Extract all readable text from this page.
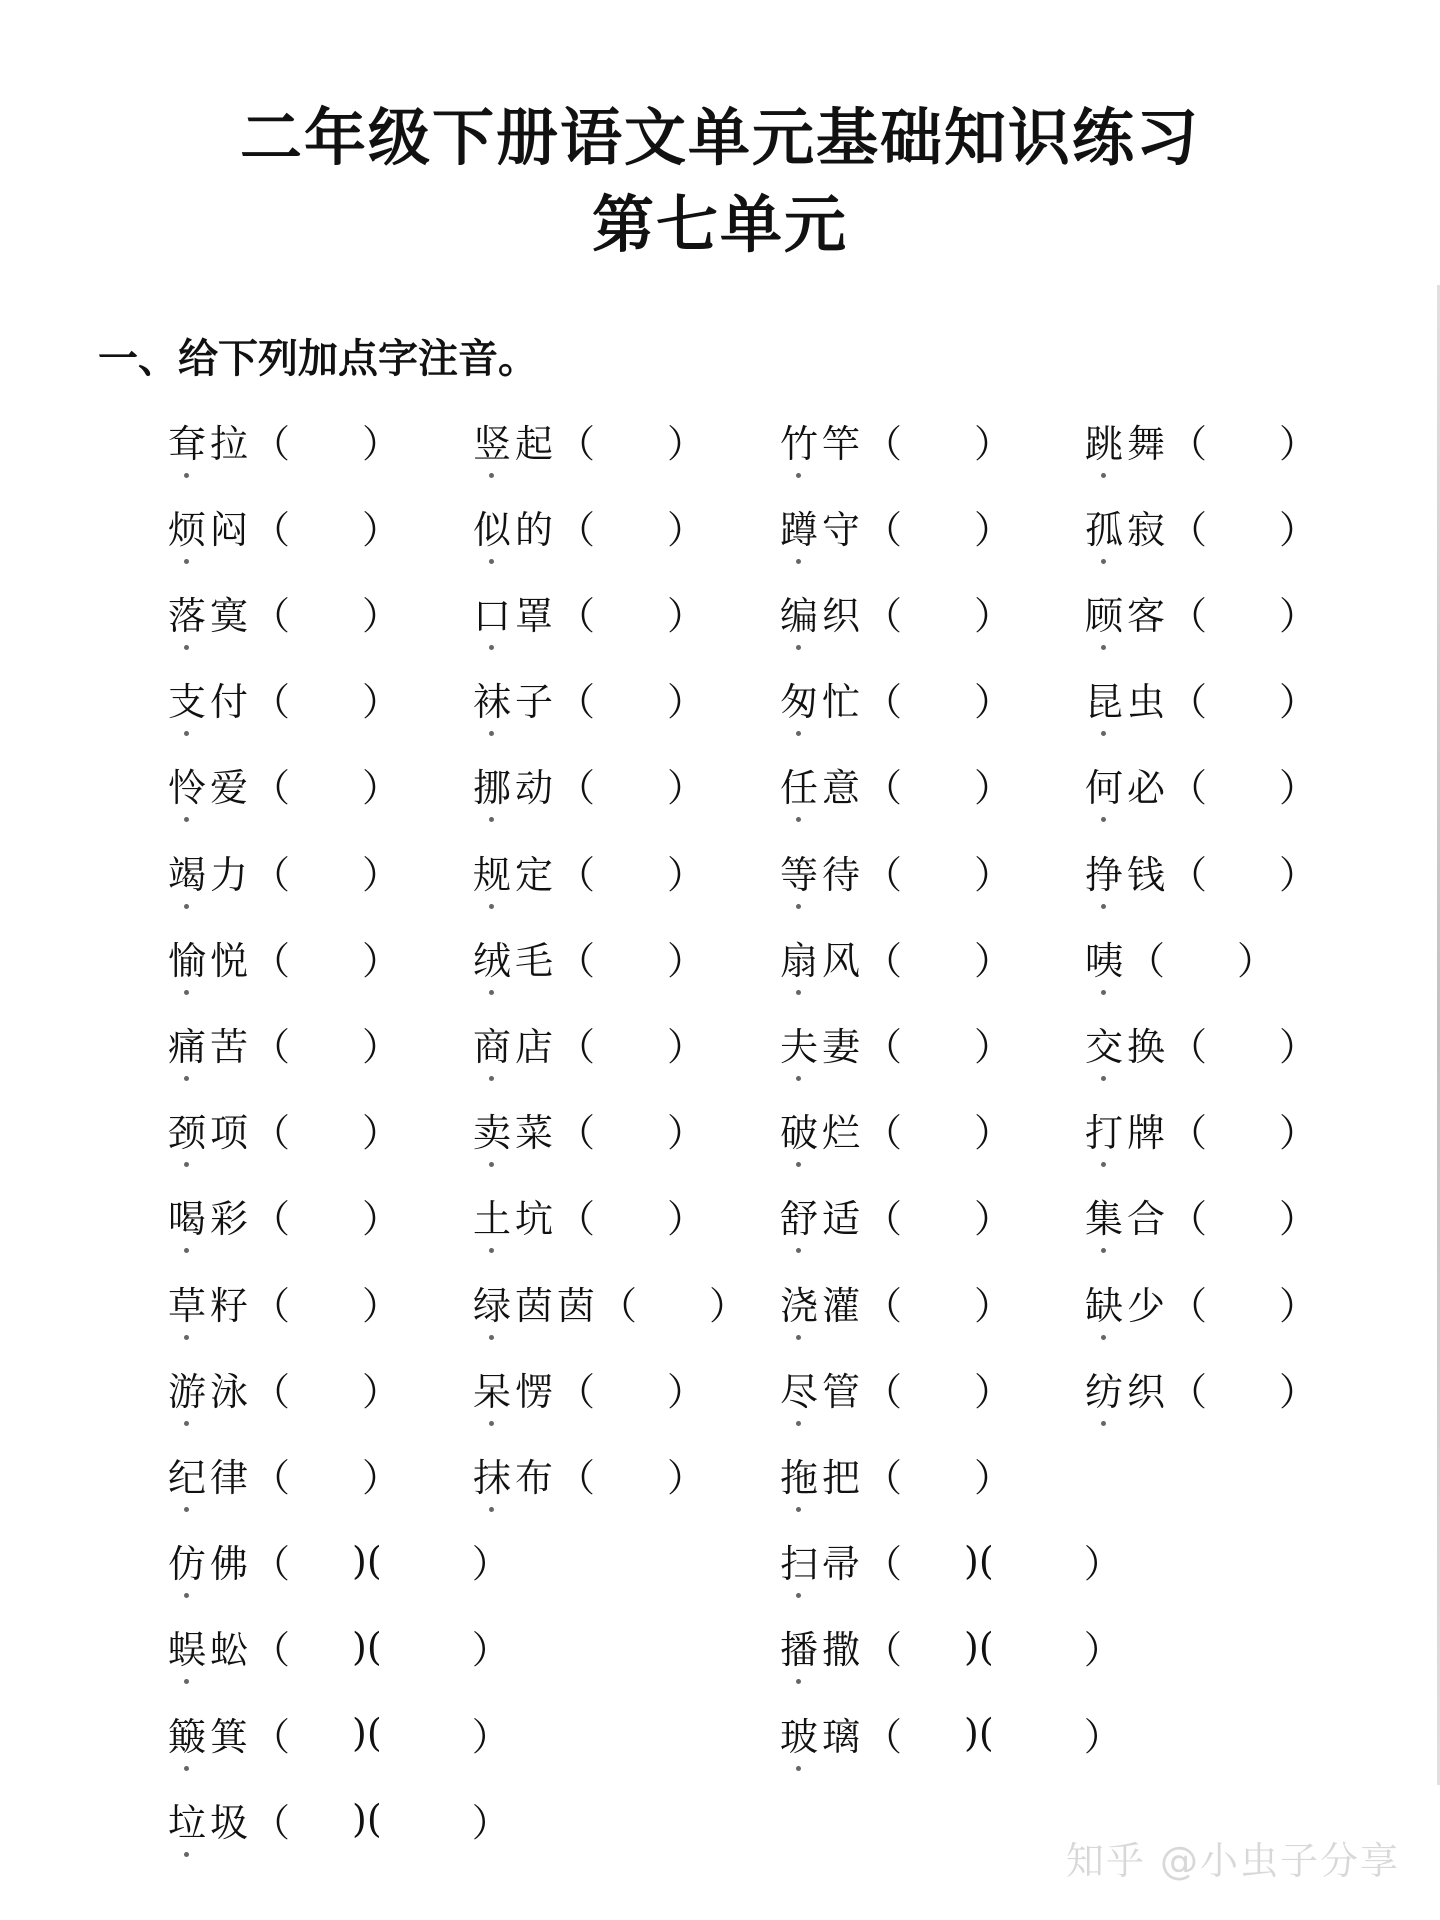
二年级下册语文单元基础知识练习
第七单元
一、给下列加点字注音。
耷拉 （ ） 竖起 （ ） 竹竿 （ ） 跳舞 （ ）
烦闷 （ ） 似的 （ ） 蹲守 （ ） 孤寂 （ ）
落寞 （ ） 口罩 （ ） 编织 （ ） 顾客 （ ）
支付 （ ） 袜子 （ ） 匆忙 （ ） 昆虫 （ ）
怜爱 （ ） 挪动 （ ） 任意 （ ） 何必 （ ）
竭力 （ ） 规定 （ ） 等待 （ ） 挣钱 （ ）
愉悦 （ ） 绒毛 （ ） 扇风 （ ） 咦 （ ）
痛苦 （ ） 商店 （ ） 夫妻 （ ） 交换 （ ）
颈项 （ ） 卖菜 （ ） 破烂 （ ） 打牌 （ ）
喝彩 （ ） 土坑 （ ） 舒适 （ ） 集合 （ ）
草籽 （ ） 绿茵茵 （ ） 浇灌 （ ） 缺少 （ ）
游泳 （ ） 呆愣 （ ） 尽管 （ ） 纺织 （ ）
纪律 （ ） 抹布 （ ） 拖把 （ ）
仿佛 （ )( ）	扫帚 （ )( ）
蜈蚣 （ )( ）	播撒 （ )( ）
簸箕 （ )( ）	玻璃 （ )( ）
垃圾 （ )( ）
知乎 @小虫子分享
